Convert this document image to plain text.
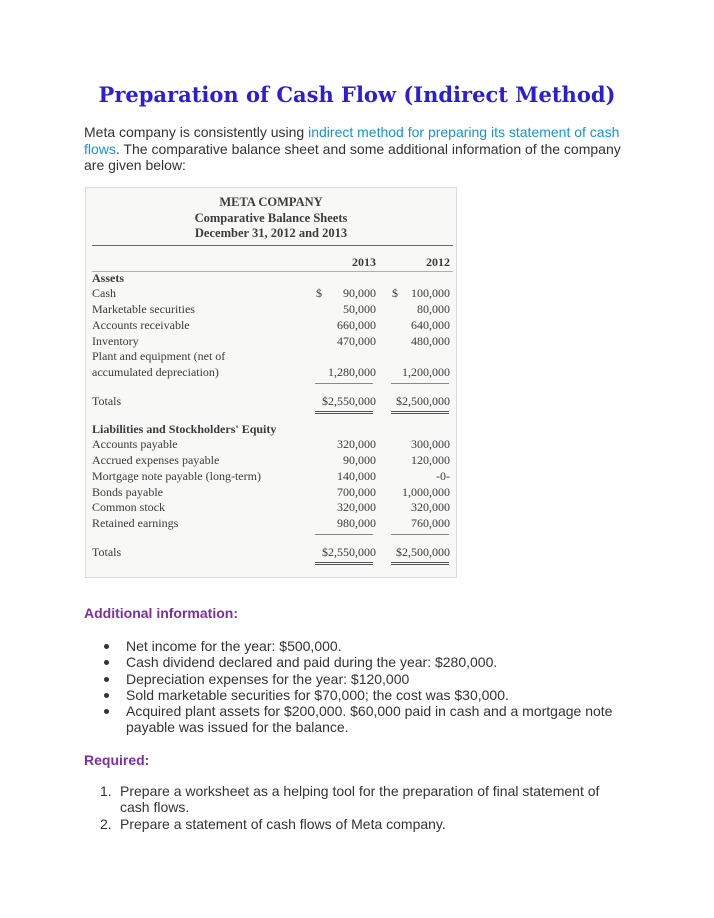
Preparation of Cash Flow (Indirect Method)

Meta company is consistently using indirect method for preparing its statement of cash flows. The comparative balance sheet and some additional information of the company are given below:

META COMPANY
Comparative Balance Sheets
December 31, 2012 and 2013
2013	2012
Assets
Cash	$ 90,000 $ 100,000
Marketable securities	50,000	80,000
Accounts receivable	660,000	640,000
Inventory	470,000	480,000
Plant and equipment (net of
accumulated depreciation)	1,280,000 1,200,000
Totals	$2,550,000 $2,500,000
Liabilities and Stockholders' Equity
Accounts payable	320,000	300,000
Accrued expenses payable	90,000	120,000
Mortgage note payable (long-term)	140,000	-0-
Bonds payable	700,000 1,000,000
Common stock	320,000	320,000
Retained earnings	980,000	760,000
Totals	$2,550,000 $2,500,000
Additional information:
Net income for the year: $500,000.
Cash dividend declared and paid during the year: $280,000.
Depreciation expenses for the year: $120,000
Sold marketable securities for $70,000; the cost was $30,000.
Acquired plant assets for $200,000. $60,000 paid in cash and a mortgage note payable was issued for the balance.
Required:
1. Prepare a worksheet as a helping tool for the preparation of final statement of cash flows.
2. Prepare a statement of cash flows of Meta company.
